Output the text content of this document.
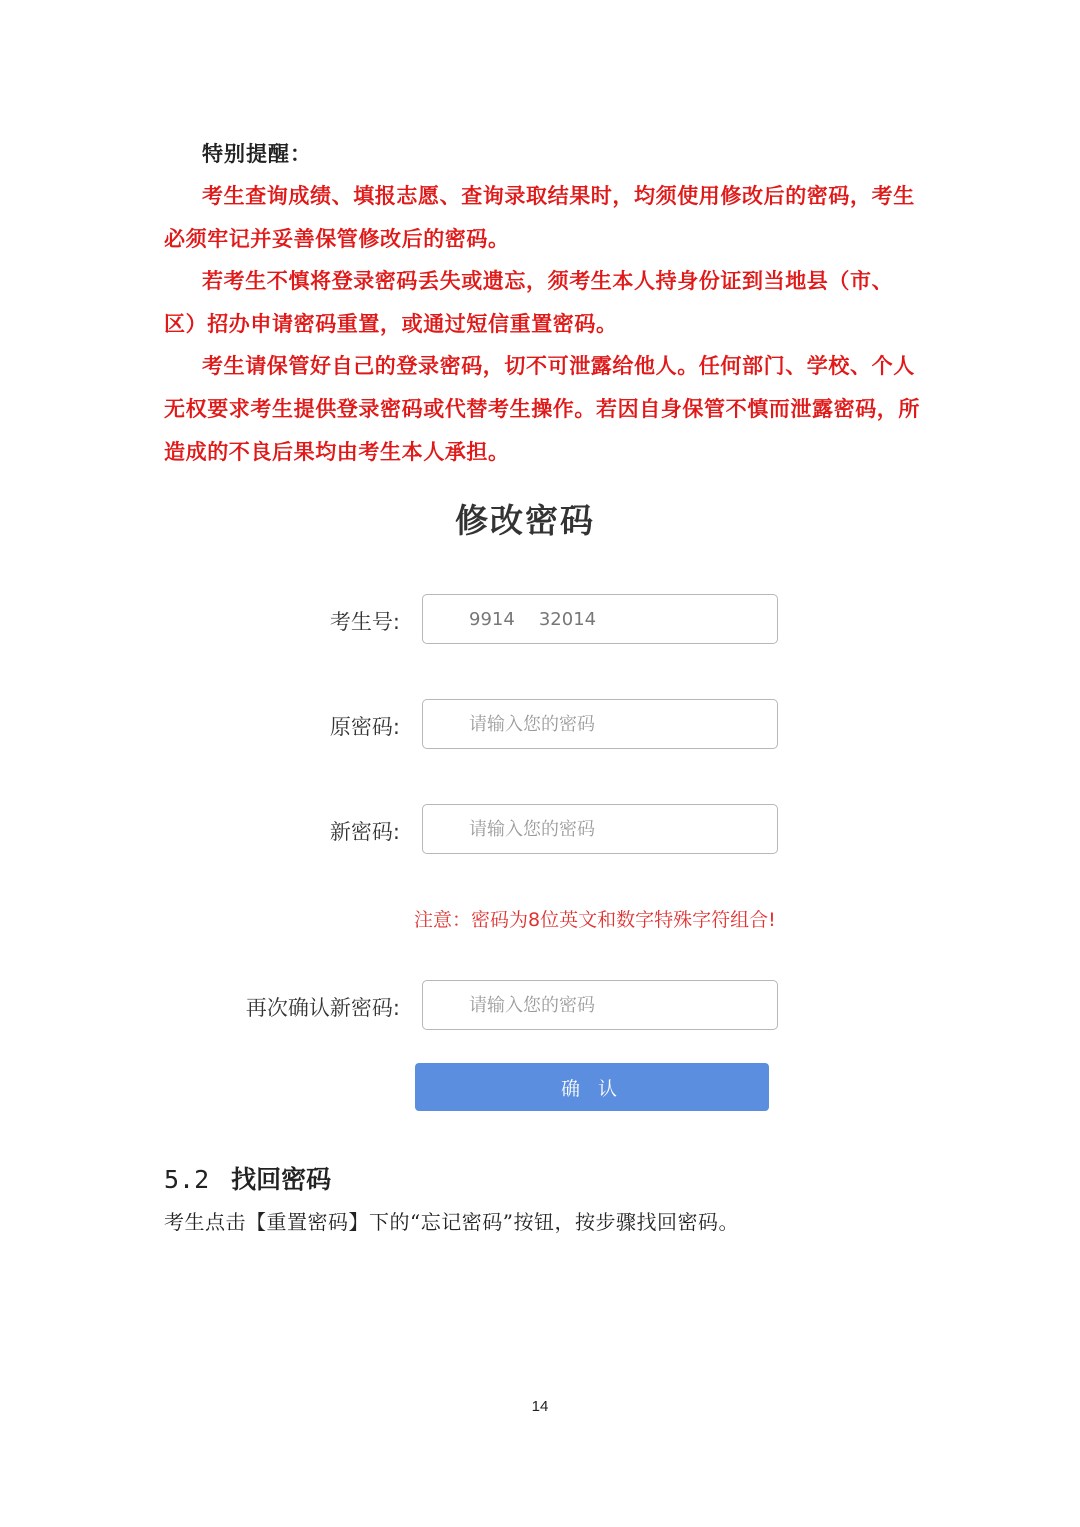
特别提醒：

考生查询成绩、填报志愿、查询录取结果时，均须使用修改后的密码，考生必须牢记并妥善保管修改后的密码。

若考生不慎将登录密码丢失或遗忘，须考生本人持身份证到当地县（市、区）招办申请密码重置，或通过短信重置密码。

考生请保管好自己的登录密码，切不可泄露给他人。任何部门、学校、个人无权要求考生提供登录密码或代替考生操作。若因自身保管不慎而泄露密码，所造成的不良后果均由考生本人承担。

修改密码
考生号:
9914        32014
原密码:
新密码:
注意：密码为8位英文和数字特殊字符组合!
再次确认新密码:
确 认
5.2 找回密码
考生点击【重置密码】下的“忘记密码”按钮，按步骤找回密码。
14
